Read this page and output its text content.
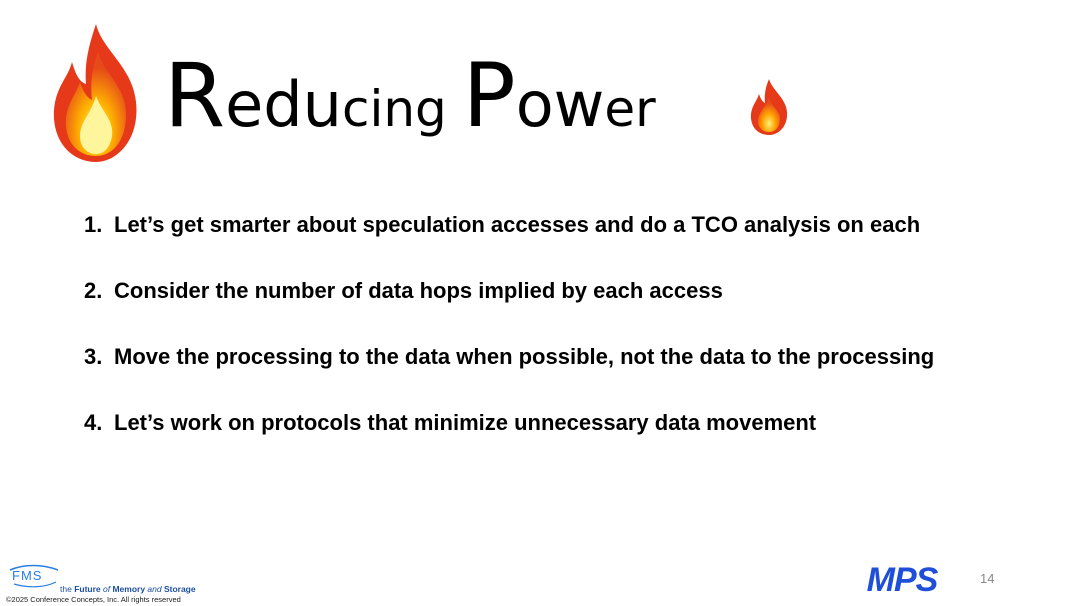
Reducing Power
1. Let’s get smarter about speculation accesses and do a TCO analysis on each
2. Consider the number of data hops implied by each access
3. Move the processing to the data when possible, not the data to the processing
4. Let’s work on protocols that minimize unnecessary data movement
FMS
the Future of Memory and Storage
©2025 Conference Concepts, Inc. All rights reserved
MPS	14
